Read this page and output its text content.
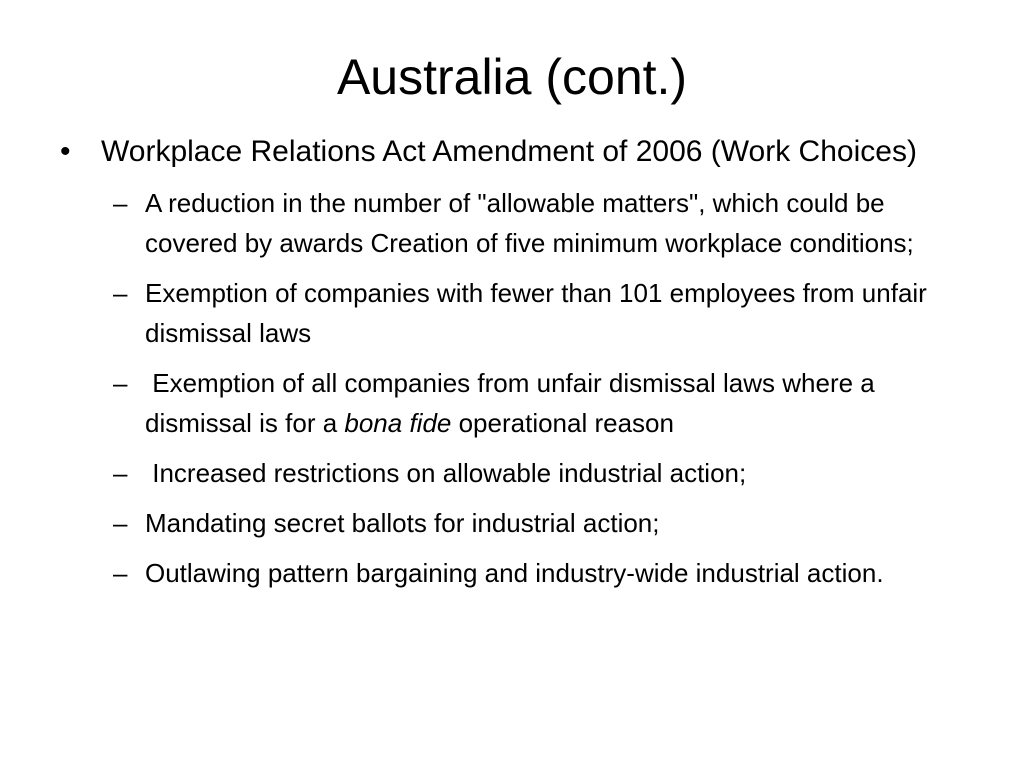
Australia (cont.)
• Workplace Relations Act Amendment of 2006 (Work Choices)
– A reduction in the number of "allowable matters", which could be covered by awards Creation of five minimum workplace conditions;
– Exemption of companies with fewer than 101 employees from unfair dismissal laws
– Exemption of all companies from unfair dismissal laws where a dismissal is for a bona fide operational reason
– Increased restrictions on allowable industrial action;
– Mandating secret ballots for industrial action;
– Outlawing pattern bargaining and industry-wide industrial action.
